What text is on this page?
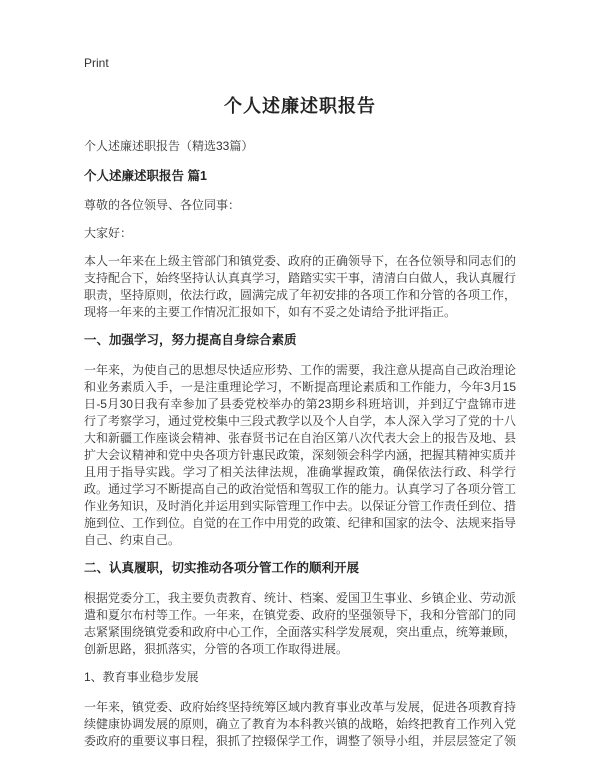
Print
个人述廉述职报告

个人述廉述职报告（精选33篇）

个人述廉述职报告 篇1

尊敬的各位领导、各位同事：

大家好：

本人一年来在上级主管部门和镇党委、政府的正确领导下，在各位领导和同志们的支持配合下，始终坚持认认真真学习，踏踏实实干事，清清白白做人，我认真履行职责，坚持原则，依法行政，圆满完成了年初安排的各项工作和分管的各项工作，现将一年来的主要工作情况汇报如下，如有不妥之处请给予批评指正。

一、加强学习，努力提高自身综合素质

一年来，为使自己的思想尽快适应形势、工作的需要，我注意从提高自己政治理论和业务素质入手，一是注重理论学习，不断提高理论素质和工作能力，今年3月15日-5月30日我有幸参加了县委党校举办的第23期乡科班培训，并到辽宁盘锦市进行了考察学习，通过党校集中三段式教学以及个人自学，本人深入学习了党的十八大和新疆工作座谈会精神、张春贤书记在自治区第八次代表大会上的报告及地、县扩大会议精神和党中央各项方针惠民政策，深刻领会科学内涵，把握其精神实质并且用于指导实践。学习了相关法律法规，准确掌握政策，确保依法行政、科学行政。通过学习不断提高自己的政治觉悟和驾驭工作的能力。认真学习了各项分管工作业务知识，及时消化并运用到实际管理工作中去。以保证分管工作责任到位、措施到位、工作到位。自觉的在工作中用党的政策、纪律和国家的法令、法规来指导自己、约束自己。

二、认真履职，切实推动各项分管工作的顺利开展

根据党委分工，我主要负责教育、统计、档案、爱国卫生事业、乡镇企业、劳动派遣和夏尔布村等工作。一年来，在镇党委、政府的坚强领导下，我和分管部门的同志紧紧围绕镇党委和政府中心工作，全面落实科学发展观，突出重点，统筹兼顾，创新思路，狠抓落实，分管的各项工作取得进展。

1、教育事业稳步发展

一年来，镇党委、政府始终坚持统筹区域内教育事业改革与发展，促进各项教育持续健康协调发展的原则，确立了教育为本科教兴镇的战略，始终把教育工作列入党委政府的重要议事日程，狠抓了控辍保学工作，调整了领导小组，并层层签定了领
